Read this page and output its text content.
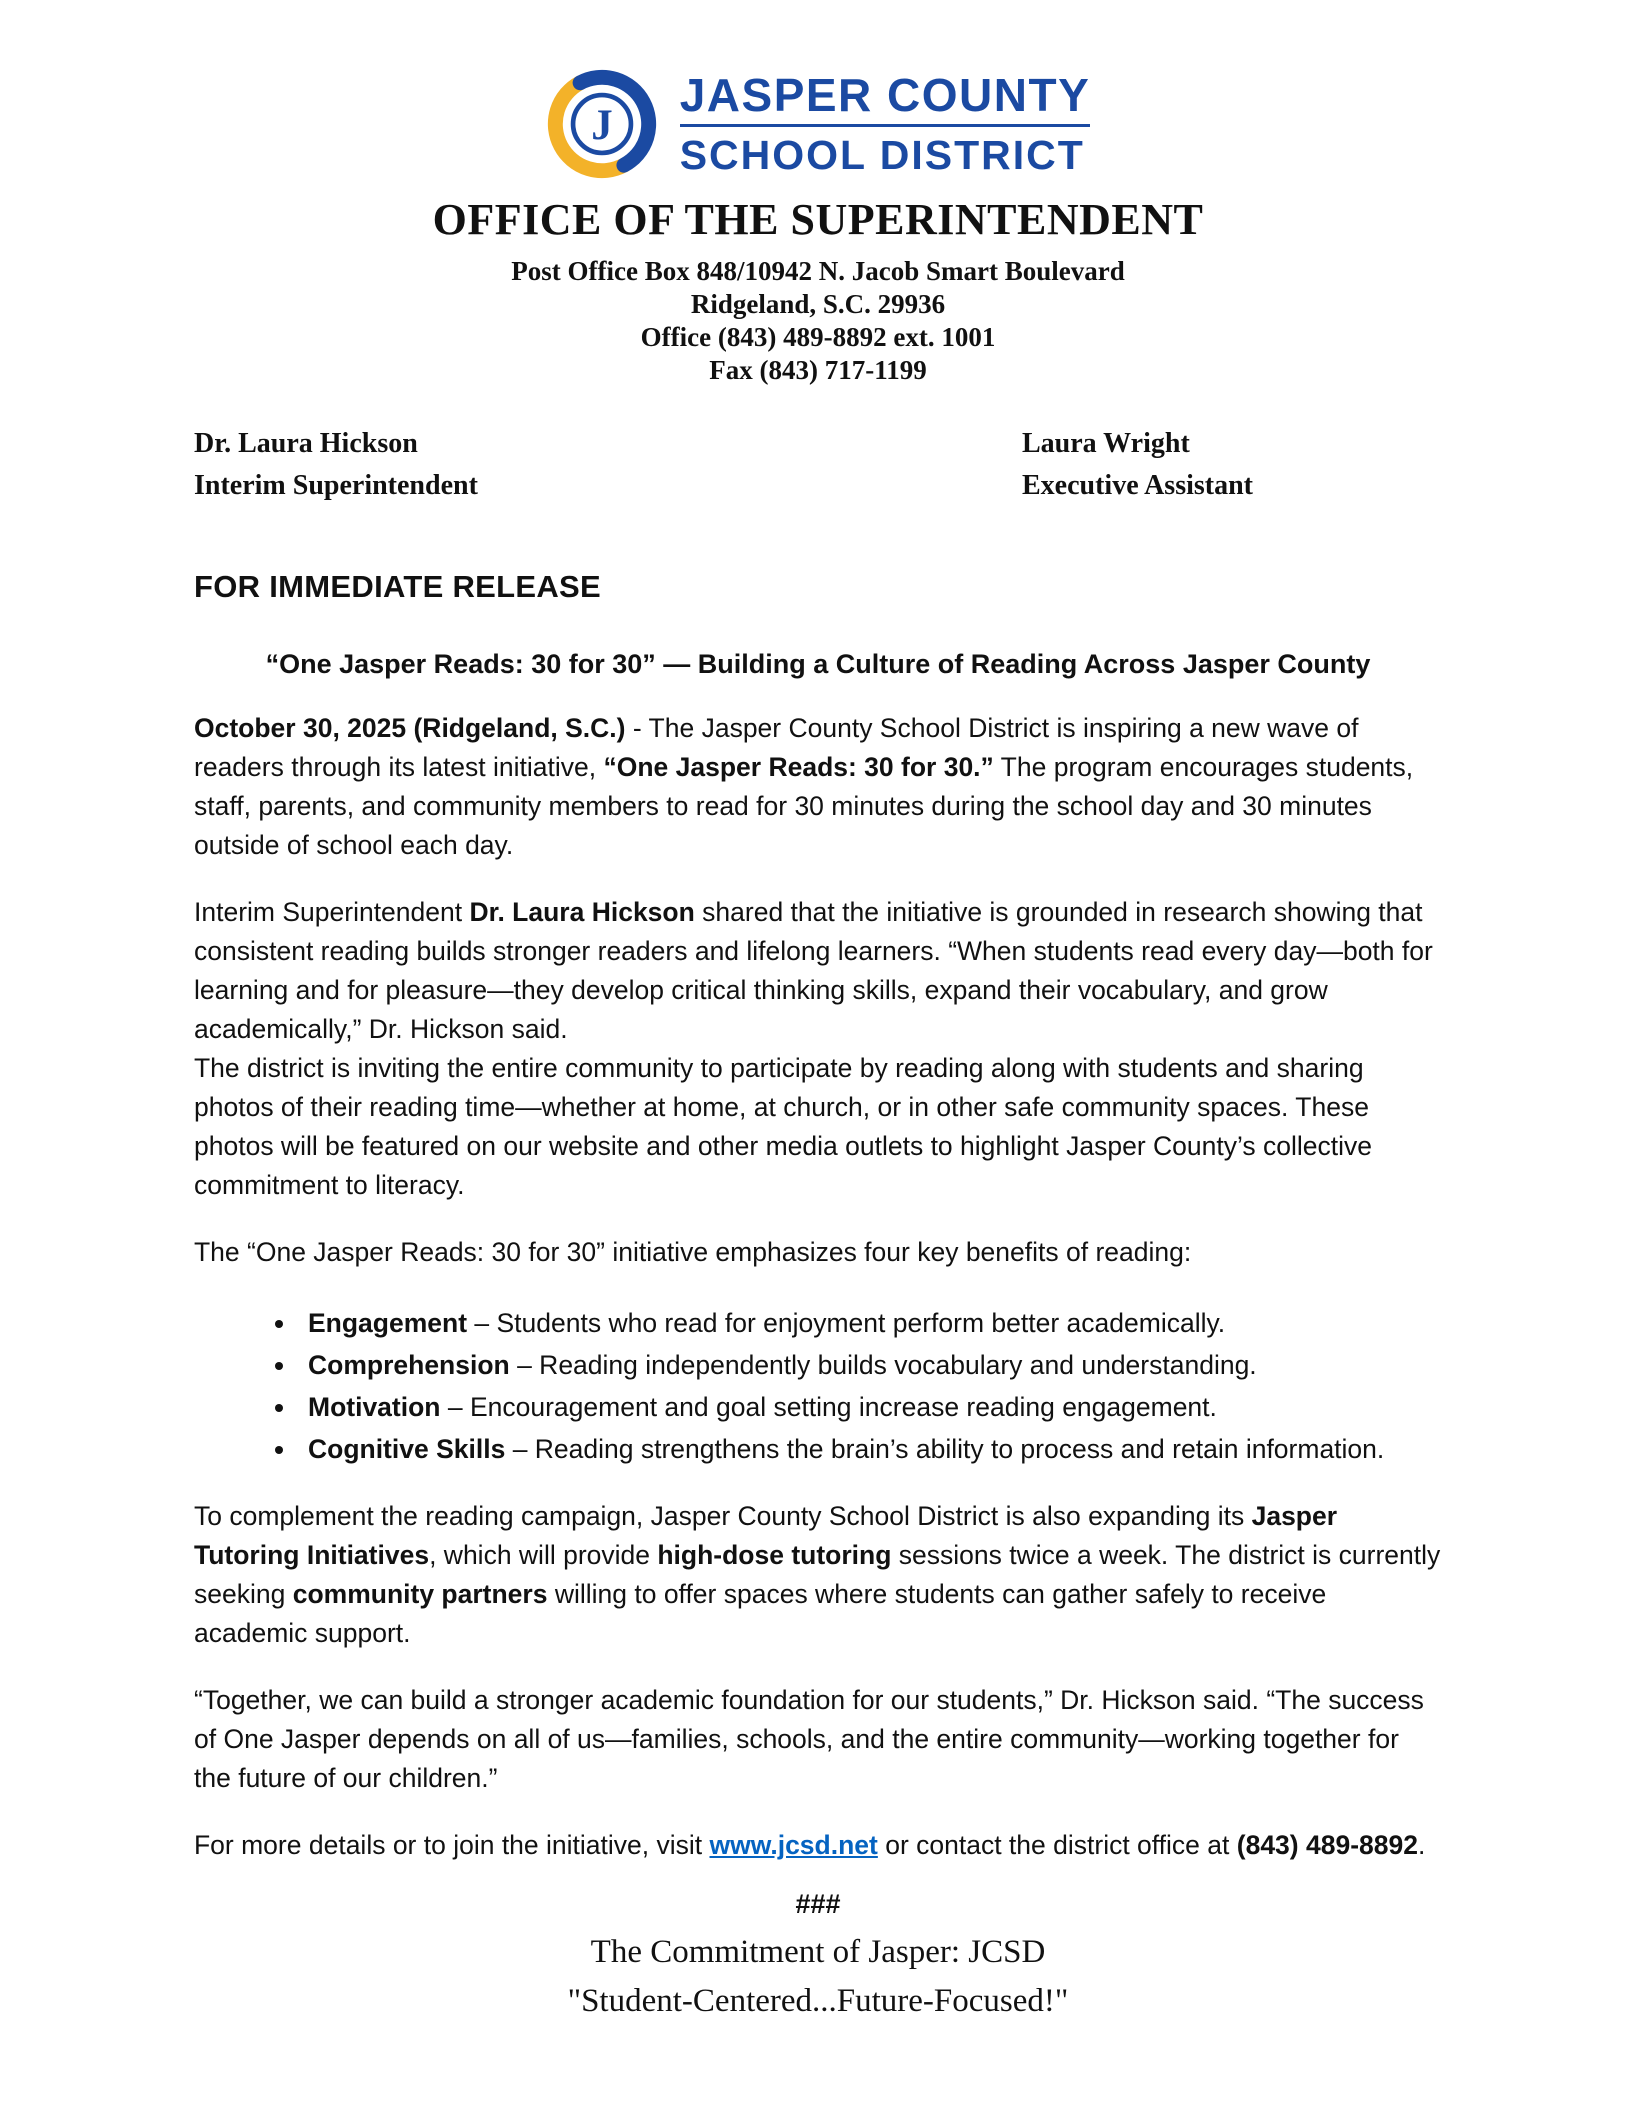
J
JASPER COUNTY
SCHOOL DISTRICT
OFFICE OF THE SUPERINTENDENT
Post Office Box 848/10942 N. Jacob Smart Boulevard
Ridgeland, S.C. 29936
Office (843) 489-8892 ext. 1001
Fax (843) 717-1199
Dr. Laura Hickson
Interim Superintendent
Laura Wright
Executive Assistant
FOR IMMEDIATE RELEASE
“One Jasper Reads: 30 for 30” — Building a Culture of Reading Across Jasper County

October 30, 2025 (Ridgeland, S.C.) - The Jasper County School District is inspiring a new wave of readers through its latest initiative, “One Jasper Reads: 30 for 30.” The program encourages students, staff, parents, and community members to read for 30 minutes during the school day and 30 minutes outside of school each day.

Interim Superintendent Dr. Laura Hickson shared that the initiative is grounded in research showing that consistent reading builds stronger readers and lifelong learners. “When students read every day—both for learning and for pleasure—they develop critical thinking skills, expand their vocabulary, and grow academically,” Dr. Hickson said.

The district is inviting the entire community to participate by reading along with students and sharing photos of their reading time—whether at home, at church, or in other safe community spaces. These photos will be featured on our website and other media outlets to highlight Jasper County’s collective commitment to literacy.

The “One Jasper Reads: 30 for 30” initiative emphasizes four key benefits of reading:

• Engagement – Students who read for enjoyment perform better academically.
• Comprehension – Reading independently builds vocabulary and understanding.
• Motivation – Encouragement and goal setting increase reading engagement.
• Cognitive Skills – Reading strengthens the brain’s ability to process and retain information.

To complement the reading campaign, Jasper County School District is also expanding its Jasper Tutoring Initiatives, which will provide high-dose tutoring sessions twice a week. The district is currently seeking community partners willing to offer spaces where students can gather safely to receive academic support.

“Together, we can build a stronger academic foundation for our students,” Dr. Hickson said. “The success of One Jasper depends on all of us—families, schools, and the entire community—working together for the future of our children.”

For more details or to join the initiative, visit www.jcsd.net or contact the district office at (843) 489-8892.

###
The Commitment of Jasper: JCSD
"Student-Centered...Future-Focused!"
